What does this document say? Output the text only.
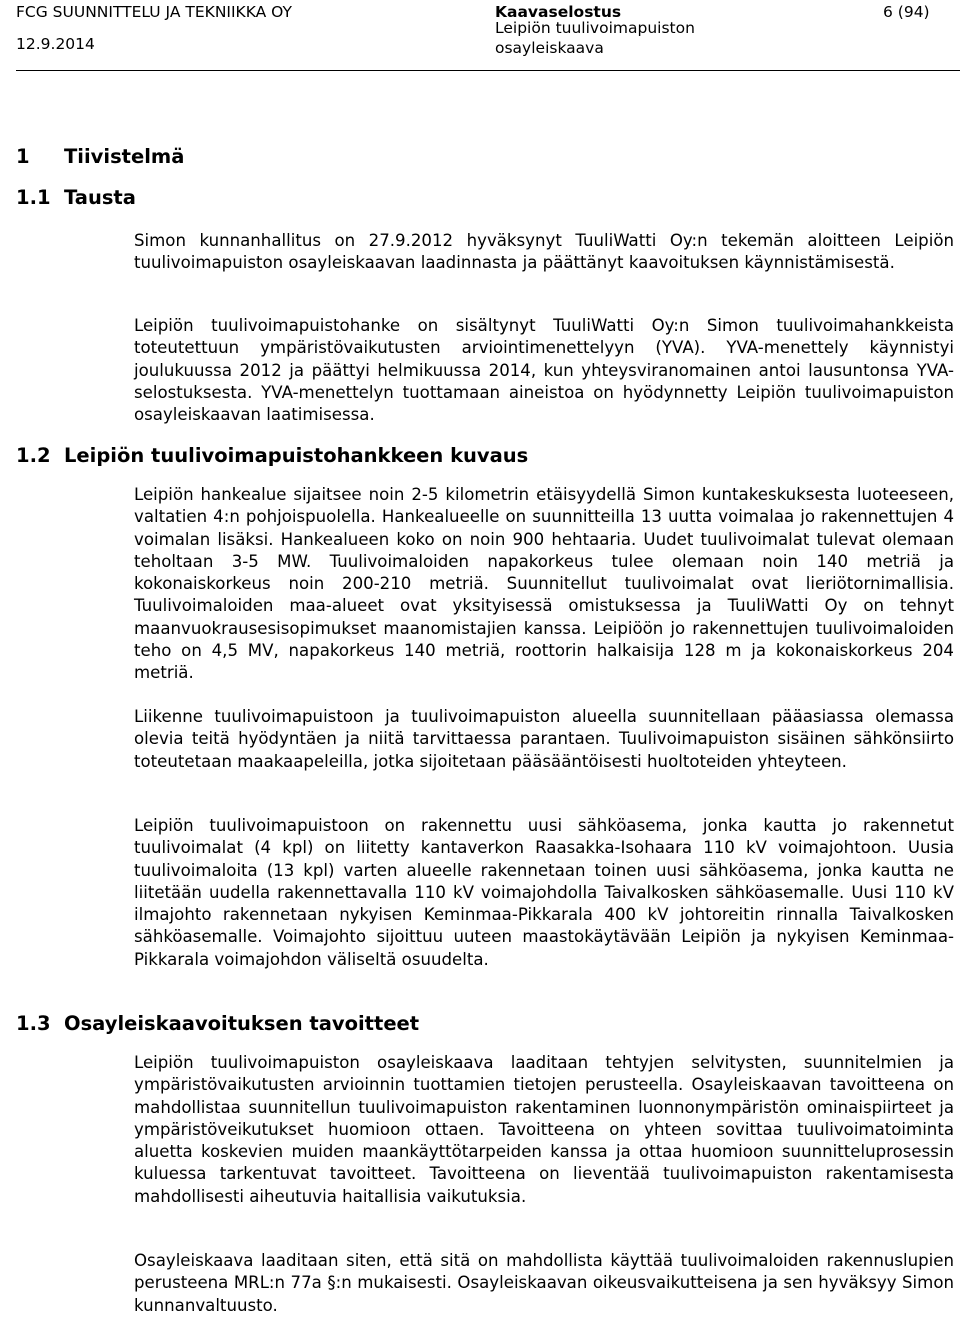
FCG SUUNNITTELU JA TEKNIIKKA OY
12.9.2014
Kaavaselostus
Leipiön tuulivoimapuiston osayleiskaava
6 (94)
1 Tiivistelmä
1.1 Tausta
Simon kunnanhallitus on 27.9.2012 hyväksynyt TuuliWatti Oy:n tekemän aloitteen Leipiön tuulivoimapuiston osayleiskaavan laadinnasta ja päättänyt kaavoituksen käynnistämisestä.
Leipiön tuulivoimapuistohanke on sisältynyt TuuliWatti Oy:n Simon tuulivoimahankkeista toteutettuun ympäristövaikutusten arviointimenettelyyn (YVA). YVA-menettely käynnistyi joulukuussa 2012 ja päättyi helmikuussa 2014, kun yhteysviranomainen antoi lausuntonsa YVA-selostuksesta. YVA-menettelyn tuottamaan aineistoa on hyödynnetty Leipiön tuulivoimapuiston osayleiskaavan laatimisessa.
1.2 Leipiön tuulivoimapuistohankkeen kuvaus
Leipiön hankealue sijaitsee noin 2-5 kilometrin etäisyydellä Simon kuntakeskuksesta luoteeseen, valtatien 4:n pohjoispuolella. Hankealueelle on suunnitteilla 13 uutta voimalaa jo rakennettujen 4 voimalan lisäksi. Hankealueen koko on noin 900 hehtaaria. Uudet tuulivoimalat tulevat olemaan teholtaan 3-5 MW. Tuulivoimaloiden napakorkeus tulee olemaan noin 140 metriä ja kokonaiskorkeus noin 200-210 metriä. Suunnitellut tuulivoimalat ovat lieriötornimallisia. Tuulivoimaloiden maa-alueet ovat yksityisessä omistuksessa ja TuuliWatti Oy on tehnyt maanvuokrausesisopimukset maanomistajien kanssa. Leipiöön jo rakennettujen tuulivoimaloiden teho on 4,5 MV, napakorkeus 140 metriä, roottorin halkaisija 128 m ja kokonaiskorkeus 204 metriä.
Liikenne tuulivoimapuistoon ja tuulivoimapuiston alueella suunnitellaan pääasiassa olemassa olevia teitä hyödyntäen ja niitä tarvittaessa parantaen. Tuulivoimapuiston sisäinen sähkönsiirto toteutetaan maakaapeleilla, jotka sijoitetaan pääsääntöisesti huoltoteiden yhteyteen.
Leipiön tuulivoimapuistoon on rakennettu uusi sähköasema, jonka kautta jo rakennetut tuulivoimalat (4 kpl) on liitetty kantaverkon Raasakka-Isohaara 110 kV voimajohtoon. Uusia tuulivoimaloita (13 kpl) varten alueelle rakennetaan toinen uusi sähköasema, jonka kautta ne liitetään uudella rakennettavalla 110 kV voimajohdolla Taivalkosken sähköasemalle. Uusi 110 kV ilmajohto rakennetaan nykyisen Keminmaa-Pikkarala 400 kV johtoreitin rinnalla Taivalkosken sähköasemalle. Voimajohto sijoittuu uuteen maastokäytävään Leipiön ja nykyisen Keminmaa-Pikkarala voimajohdon väliseltä osuudelta.
1.3 Osayleiskaavoituksen tavoitteet
Leipiön tuulivoimapuiston osayleiskaava laaditaan tehtyjen selvitysten, suunnitelmien ja ympäristövaikutusten arvioinnin tuottamien tietojen perusteella. Osayleiskaavan tavoitteena on mahdollistaa suunnitellun tuulivoimapuiston rakentaminen luonnonympäristön ominaispiirteet ja ympäristöveikutukset huomioon ottaen. Tavoitteena on yhteen sovittaa tuulivoimatoiminta aluetta koskevien muiden maankäyttötarpeiden kanssa ja ottaa huomioon suunnitteluprosessin kuluessa tarkentuvat tavoitteet. Tavoitteena on lieventää tuulivoimapuiston rakentamisesta mahdollisesti aiheutuvia haitallisia vaikutuksia.
Osayleiskaava laaditaan siten, että sitä on mahdollista käyttää tuulivoimaloiden rakennuslupien perusteena MRL:n 77a §:n mukaisesti. Osayleiskaavan oikeusvaikutteisena ja sen hyväksyy Simon kunnanvaltuusto.
